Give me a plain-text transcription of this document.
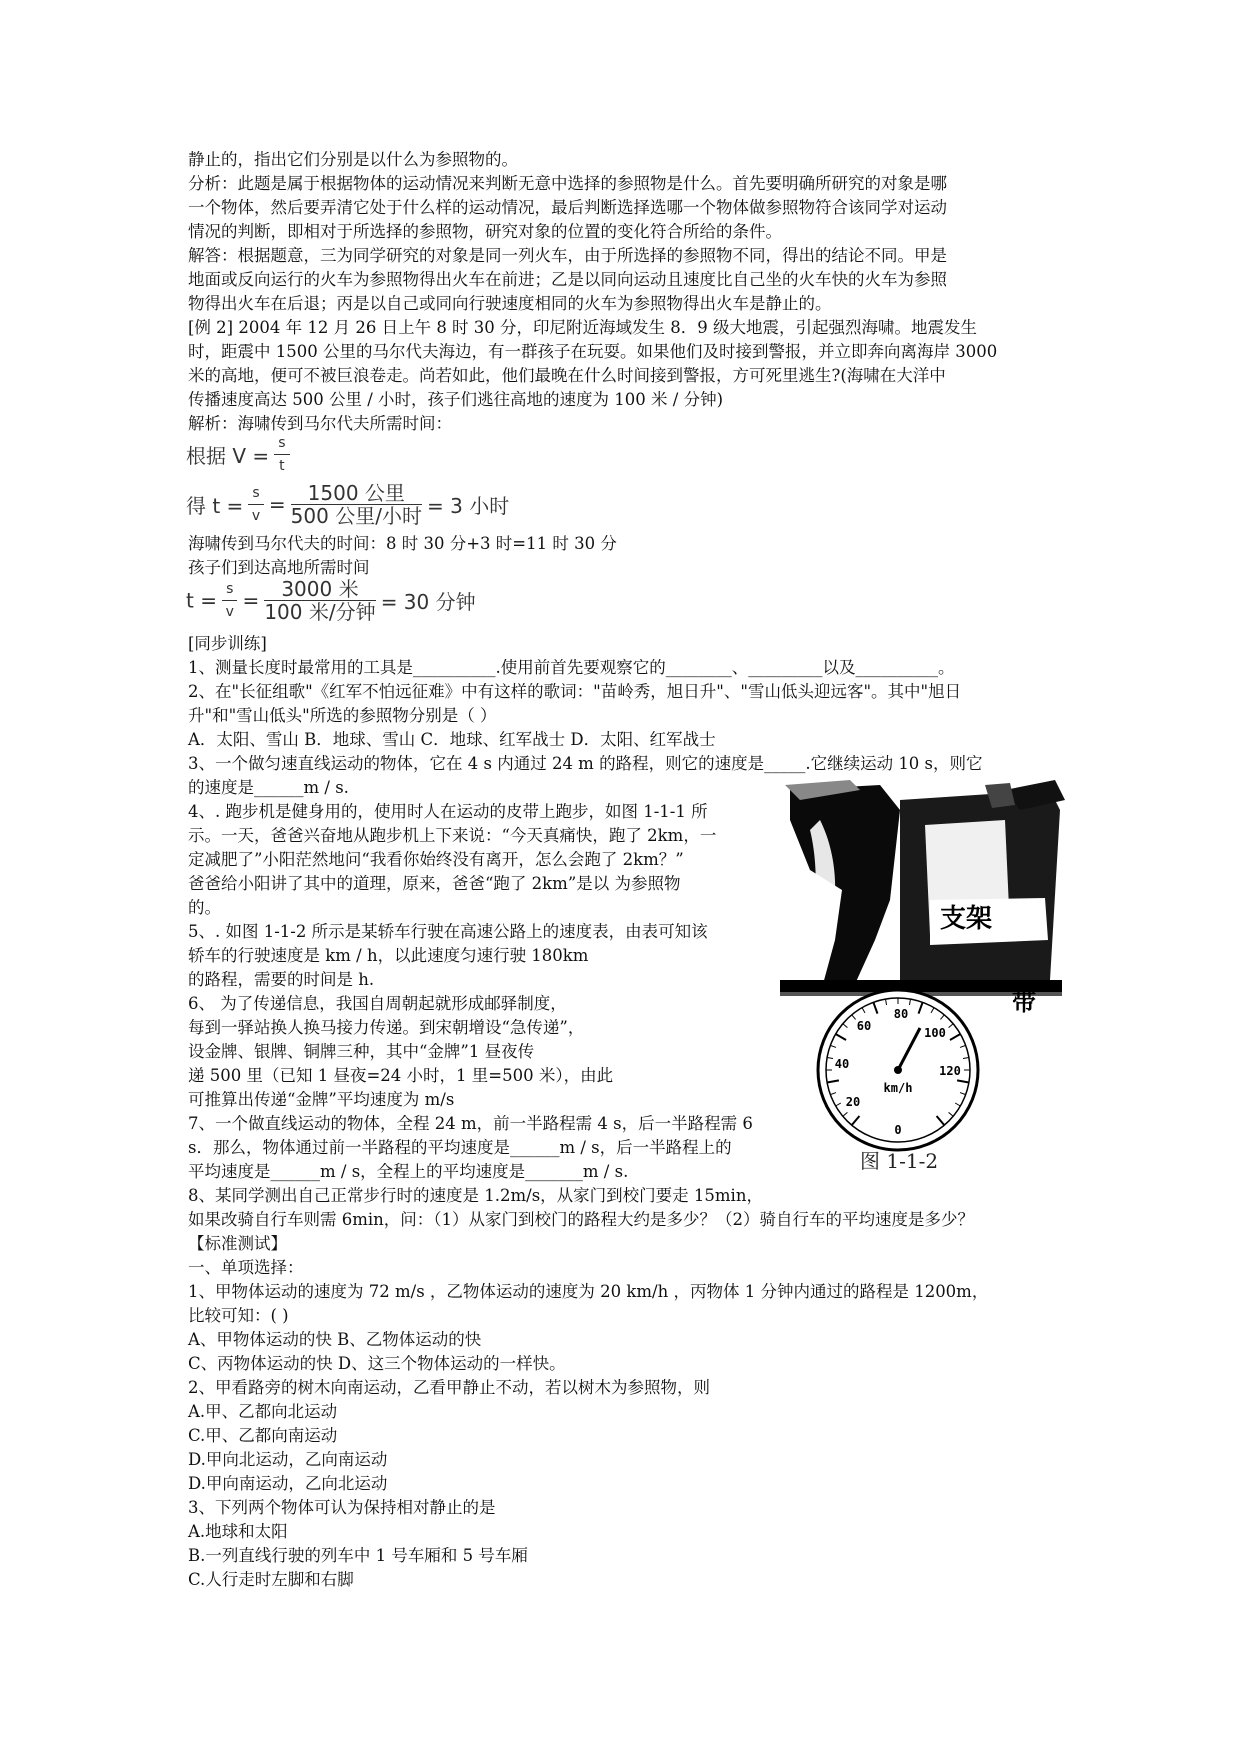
静止的，指出它们分别是以什么为参照物的。
分析：此题是属于根据物体的运动情况来判断无意中选择的参照物是什么。首先要明确所研究的对象是哪
一个物体，然后要弄清它处于什么样的运动情况，最后判断选择选哪一个物体做参照物符合该同学对运动
情况的判断，即相对于所选择的参照物，研究对象的位置的变化符合所给的条件。
解答：根据题意，三为同学研究的对象是同一列火车，由于所选择的参照物不同，得出的结论不同。甲是
地面或反向运行的火车为参照物得出火车在前进；乙是以同向运动且速度比自己坐的火车快的火车为参照
物得出火车在后退；丙是以自己或同向行驶速度相同的火车为参照物得出火车是静止的。
[例 2] 2004 年 12 月 26 日上午 8 时 30 分，印尼附近海域发生 8．9 级大地震，引起强烈海啸。地震发生
时，距震中 1500 公里的马尔代夫海边，有一群孩子在玩耍。如果他们及时接到警报，并立即奔向离海岸 3000
米的高地，便可不被巨浪卷走。尚若如此，他们最晚在什么时间接到警报，方可死里逃生?(海啸在大洋中
传播速度高达 500 公里 / 小时，孩子们逃往高地的速度为 100 米 / 分钟)
解析：海啸传到马尔代夫所需时间：
根据 $V = \frac{s}{t}$
得 $t = \frac{s}{v} = \frac{\text{1500 公里}}{\text{500 公里/小时}} = 3$ 小时
海啸传到马尔代夫的时间：8 时 30 分+3 时=11 时 30 分
孩子们到达高地所需时间
$t = \frac{s}{v} = \frac{\text{3000 米}}{\text{100 米/分钟}} = 30$ 分钟
[同步训练]
1、测量长度时最常用的工具是__________.使用前首先要观察它的________、_________以及__________。
2、在"长征组歌"《红军不怕远征难》中有这样的歌词："苗岭秀，旭日升"、"雪山低头迎远客"。其中"旭日
升"和"雪山低头"所选的参照物分别是（ ）
A．太阳、雪山 B．地球、雪山 C．地球、红军战士 D．太阳、红军战士
3、一个做匀速直线运动的物体，它在 4 s 内通过 24 m 的路程，则它的速度是_____.它继续运动 10 s，则它
的速度是______m / s.
4、. 跑步机是健身用的，使用时人在运动的皮带上跑步，如图 1-1-1 所
示。一天，爸爸兴奋地从跑步机上下来说：“今天真痛快，跑了 2km，一
定减肥了”小阳茫然地问“我看你始终没有离开，怎么会跑了 2km？”
爸爸给小阳讲了其中的道理，原来，爸爸“跑了 2km”是以 为参照物
的。
5、. 如图 1-1-2 所示是某轿车行驶在高速公路上的速度表，由表可知该
轿车的行驶速度是 km / h，以此速度匀速行驶 180km
的路程，需要的时间是 h.
6、 为了传递信息，我国自周朝起就形成邮驿制度，
每到一驿站换人换马接力传递。到宋朝增设“急传递”，
设金牌、银牌、铜牌三种，其中“金牌”1 昼夜传
递 500 里（已知 1 昼夜=24 小时，1 里=500 米），由此
可推算出传递“金牌”平均速度为 m/s
7、一个做直线运动的物体，全程 24 m，前一半路程需 4 s，后一半路程需 6
s．那么，物体通过前一半路程的平均速度是______m / s，后一半路程上的
平均速度是______m / s，全程上的平均速度是_______m / s.
8、某同学测出自己正常步行时的速度是 1.2m/s，从家门到校门要走 15min，
如果改骑自行车则需 6min，问：（1）从家门到校门的路程大约是多少？（2）骑自行车的平均速度是多少？
【标准测试】
一、单项选择：
1、甲物体运动的速度为 72 m/s ，乙物体运动的速度为 20 km/h ，丙物体 1 分钟内通过的路程是 1200m，
比较可知：( )
A、甲物体运动的快 B、乙物体运动的快
C、丙物体运动的快 D、这三个物体运动的一样快。
2、甲看路旁的树木向南运动，乙看甲静止不动，若以树木为参照物，则
A.甲、乙都向北运动
C.甲、乙都向南运动
D.甲向北运动，乙向南运动
D.甲向南运动，乙向北运动
3、下列两个物体可认为保持相对静止的是
A.地球和太阳
B.一列直线行驶的列车中 1 号车厢和 5 号车厢
C.人行走时左脚和右脚
支架
带
0
20
40
60
80
100
120
km/h
图 1-1-2
